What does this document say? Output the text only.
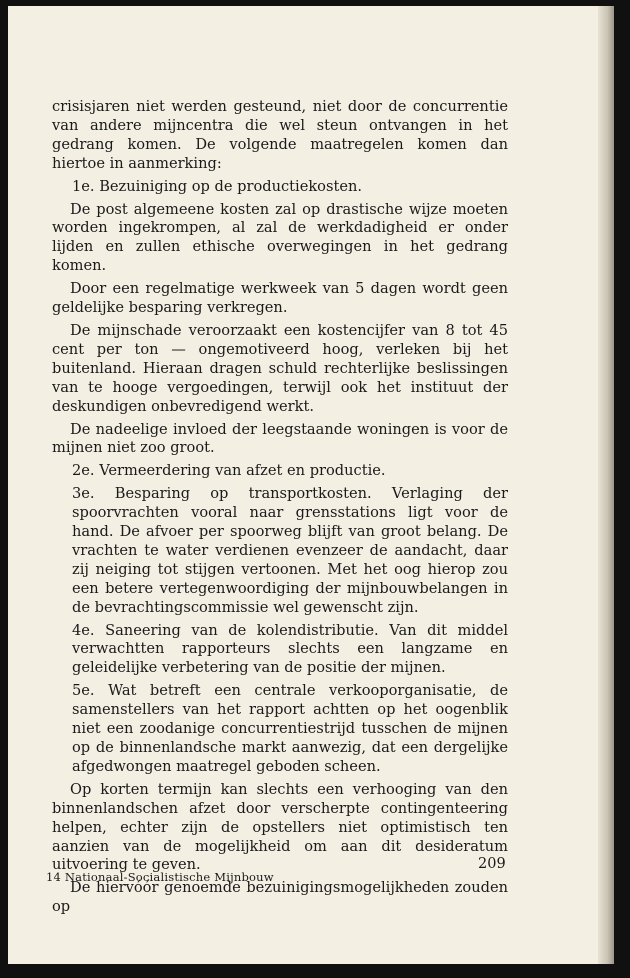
crisisjaren niet werden gesteund, niet door de concurrentie van andere mijncentra die wel steun ontvangen in het gedrang komen. De volgende maatregelen komen dan hiertoe in aanmerking:

1e. Bezuiniging op de productiekosten.

De post algemeene kosten zal op drastische wijze moeten worden ingekrompen, al zal de werkdadigheid er onder lijden en zullen ethische overwegingen in het gedrang komen.

Door een regelmatige werkweek van 5 dagen wordt geen geldelijke besparing verkregen.

De mijnschade veroorzaakt een kostencijfer van 8 tot 45 cent per ton — ongemotiveerd hoog, verleken bij het buitenland. Hieraan dragen schuld rechterlijke beslissingen van te hooge vergoedingen, terwijl ook het instituut der deskundigen onbevredigend werkt.

De nadeelige invloed der leegstaande woningen is voor de mijnen niet zoo groot.

2e. Vermeerdering van afzet en productie.

3e. Besparing op transportkosten. Verlaging der spoorvrachten vooral naar grensstations ligt voor de hand. De afvoer per spoorweg blijft van groot belang. De vrachten te water verdienen evenzeer de aandacht, daar zij neiging tot stijgen vertoonen. Met het oog hierop zou een betere vertegenwoordiging der mijnbouwbelangen in de bevrachtingscommissie wel gewenscht zijn.

4e. Saneering van de kolendistributie. Van dit middel verwachtten rapporteurs slechts een langzame en geleidelijke verbetering van de positie der mijnen.

5e. Wat betreft een centrale verkooporganisatie, de samenstellers van het rapport achtten op het oogenblik niet een zoodanige concurrentiestrijd tusschen de mijnen op de binnenlandsche markt aanwezig, dat een dergelijke afgedwongen maatregel geboden scheen.

Op korten termijn kan slechts een verhooging van den binnenlandschen afzet door verscherpte contingenteering helpen, echter zijn de opstellers niet optimistisch ten aanzien van de mogelijkheid om aan dit desideratum uitvoering te geven.

De hiervóór genoemde bezuinigingsmogelijkheden zouden op

209
14 Nationaal-Socialistische Mijnbouw
